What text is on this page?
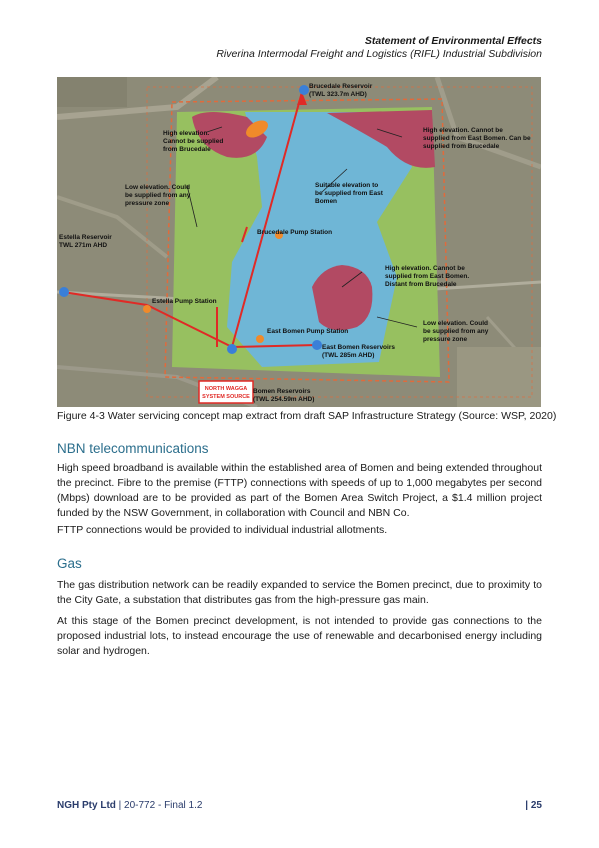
Statement of Environmental Effects
Riverina Intermodal Freight and Logistics (RIFL) Industrial Subdivision
NORTH WAGGA
SYSTEM SOURCE
Brucedale Reservoir
(TWL 323.7m AHD)
High elevation.
Cannot be supplied
from Brucedale
High elevation. Cannot be
supplied from East Bomen. Can be
supplied from Brucedale
Low elevation. Could
be supplied from any
pressure zone
Suitable elevation to
be supplied from East
Bomen
Estella Reservoir
TWL 271m AHD
Brucedale Pump Station
High elevation. Cannot be
supplied from East Bomen.
Distant from Brucedale
Estella Pump Station
East Bomen Pump Station
Low elevation. Could
be supplied from any
pressure zone
East Bomen Reservoirs
(TWL 285m AHD)
Bomen Reservoirs
(TWL 254.59m AHD)
Figure 4-3 Water servicing concept map extract from draft SAP Infrastructure Strategy (Source: WSP, 2020)
NBN telecommunications

High speed broadband is available within the established area of Bomen and being extended throughout the precinct. Fibre to the premise (FTTP) connections with speeds of up to 1,000 megabytes per second (Mbps) download are to be provided as part of the Bomen Area Switch Project, a $1.4 million project funded by the NSW Government, in collaboration with Council and NBN Co.

FTTP connections would be provided to individual industrial allotments.

Gas

The gas distribution network can be readily expanded to service the Bomen precinct, due to proximity to the City Gate, a substation that distributes gas from the high-pressure gas main.

At this stage of the Bomen precinct development, is not intended to provide gas connections to the proposed industrial lots, to instead encourage the use of renewable and decarbonised energy including solar and hydrogen.

NGH Pty Ltd | 20-772 - Final 1.2	| 25
